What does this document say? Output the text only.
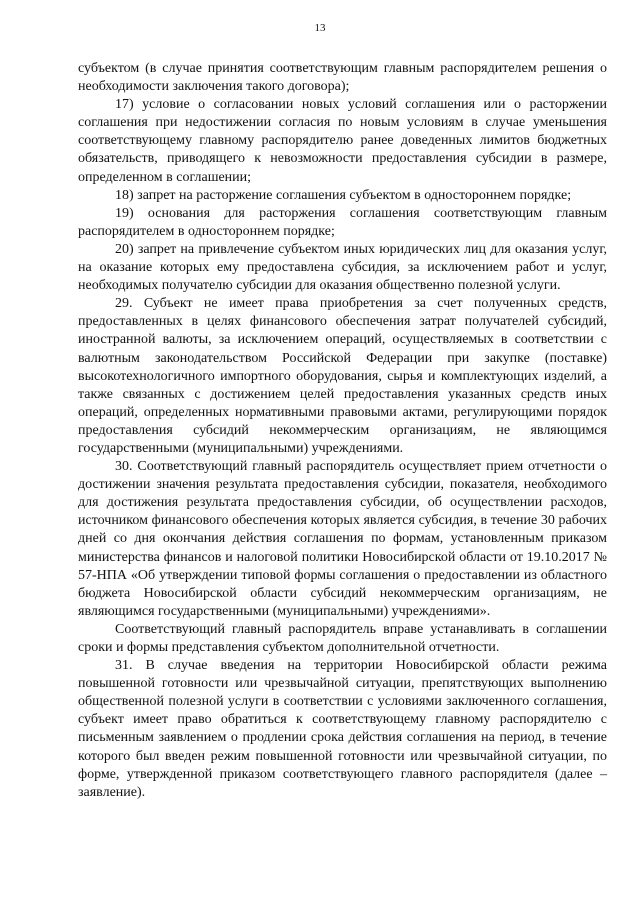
13

субъектом (в случае принятия соответствующим главным распорядителем решения о необходимости заключения такого договора);

17) условие о согласовании новых условий соглашения или о расторжении соглашения при недостижении согласия по новым условиям в случае уменьшения соответствующему главному распорядителю ранее доведенных лимитов бюджетных обязательств, приводящего к невозможности предоставления субсидии в размере, определенном в соглашении;

18) запрет на расторжение соглашения субъектом в одностороннем порядке;

19) основания для расторжения соглашения соответствующим главным распорядителем в одностороннем порядке;

20) запрет на привлечение субъектом иных юридических лиц для оказания услуг, на оказание которых ему предоставлена субсидия, за исключением работ и услуг, необходимых получателю субсидии для оказания общественно полезной услуги.

29. Субъект не имеет права приобретения за счет полученных средств, предоставленных в целях финансового обеспечения затрат получателей субсидий, иностранной валюты, за исключением операций, осуществляемых в соответствии с валютным законодательством Российской Федерации при закупке (поставке) высокотехнологичного импортного оборудования, сырья и комплектующих изделий, а также связанных с достижением целей предоставления указанных средств иных операций, определенных нормативными правовыми актами, регулирующими порядок предоставления субсидий некоммерческим организациям, не являющимся государственными (муниципальными) учреждениями.

30. Соответствующий главный распорядитель осуществляет прием отчетности о достижении значения результата предоставления субсидии, показателя, необходимого для достижения результата предоставления субсидии, об осуществлении расходов, источником финансового обеспечения которых является субсидия, в течение 30 рабочих дней со дня окончания действия соглашения по формам, установленным приказом министерства финансов и налоговой политики Новосибирской области от 19.10.2017 № 57-НПА «Об утверждении типовой формы соглашения о предоставлении из областного бюджета Новосибирской области субсидий некоммерческим организациям, не являющимся государственными (муниципальными) учреждениями».

Соответствующий главный распорядитель вправе устанавливать в соглашении сроки и формы представления субъектом дополнительной отчетности.

31. В случае введения на территории Новосибирской области режима повышенной готовности или чрезвычайной ситуации, препятствующих выполнению общественной полезной услуги в соответствии с условиями заключенного соглашения, субъект имеет право обратиться к соответствующему главному распорядителю с письменным заявлением о продлении срока действия соглашения на период, в течение которого был введен режим повышенной готовности или чрезвычайной ситуации, по форме, утвержденной приказом соответствующего главного распорядителя (далее – заявление).
